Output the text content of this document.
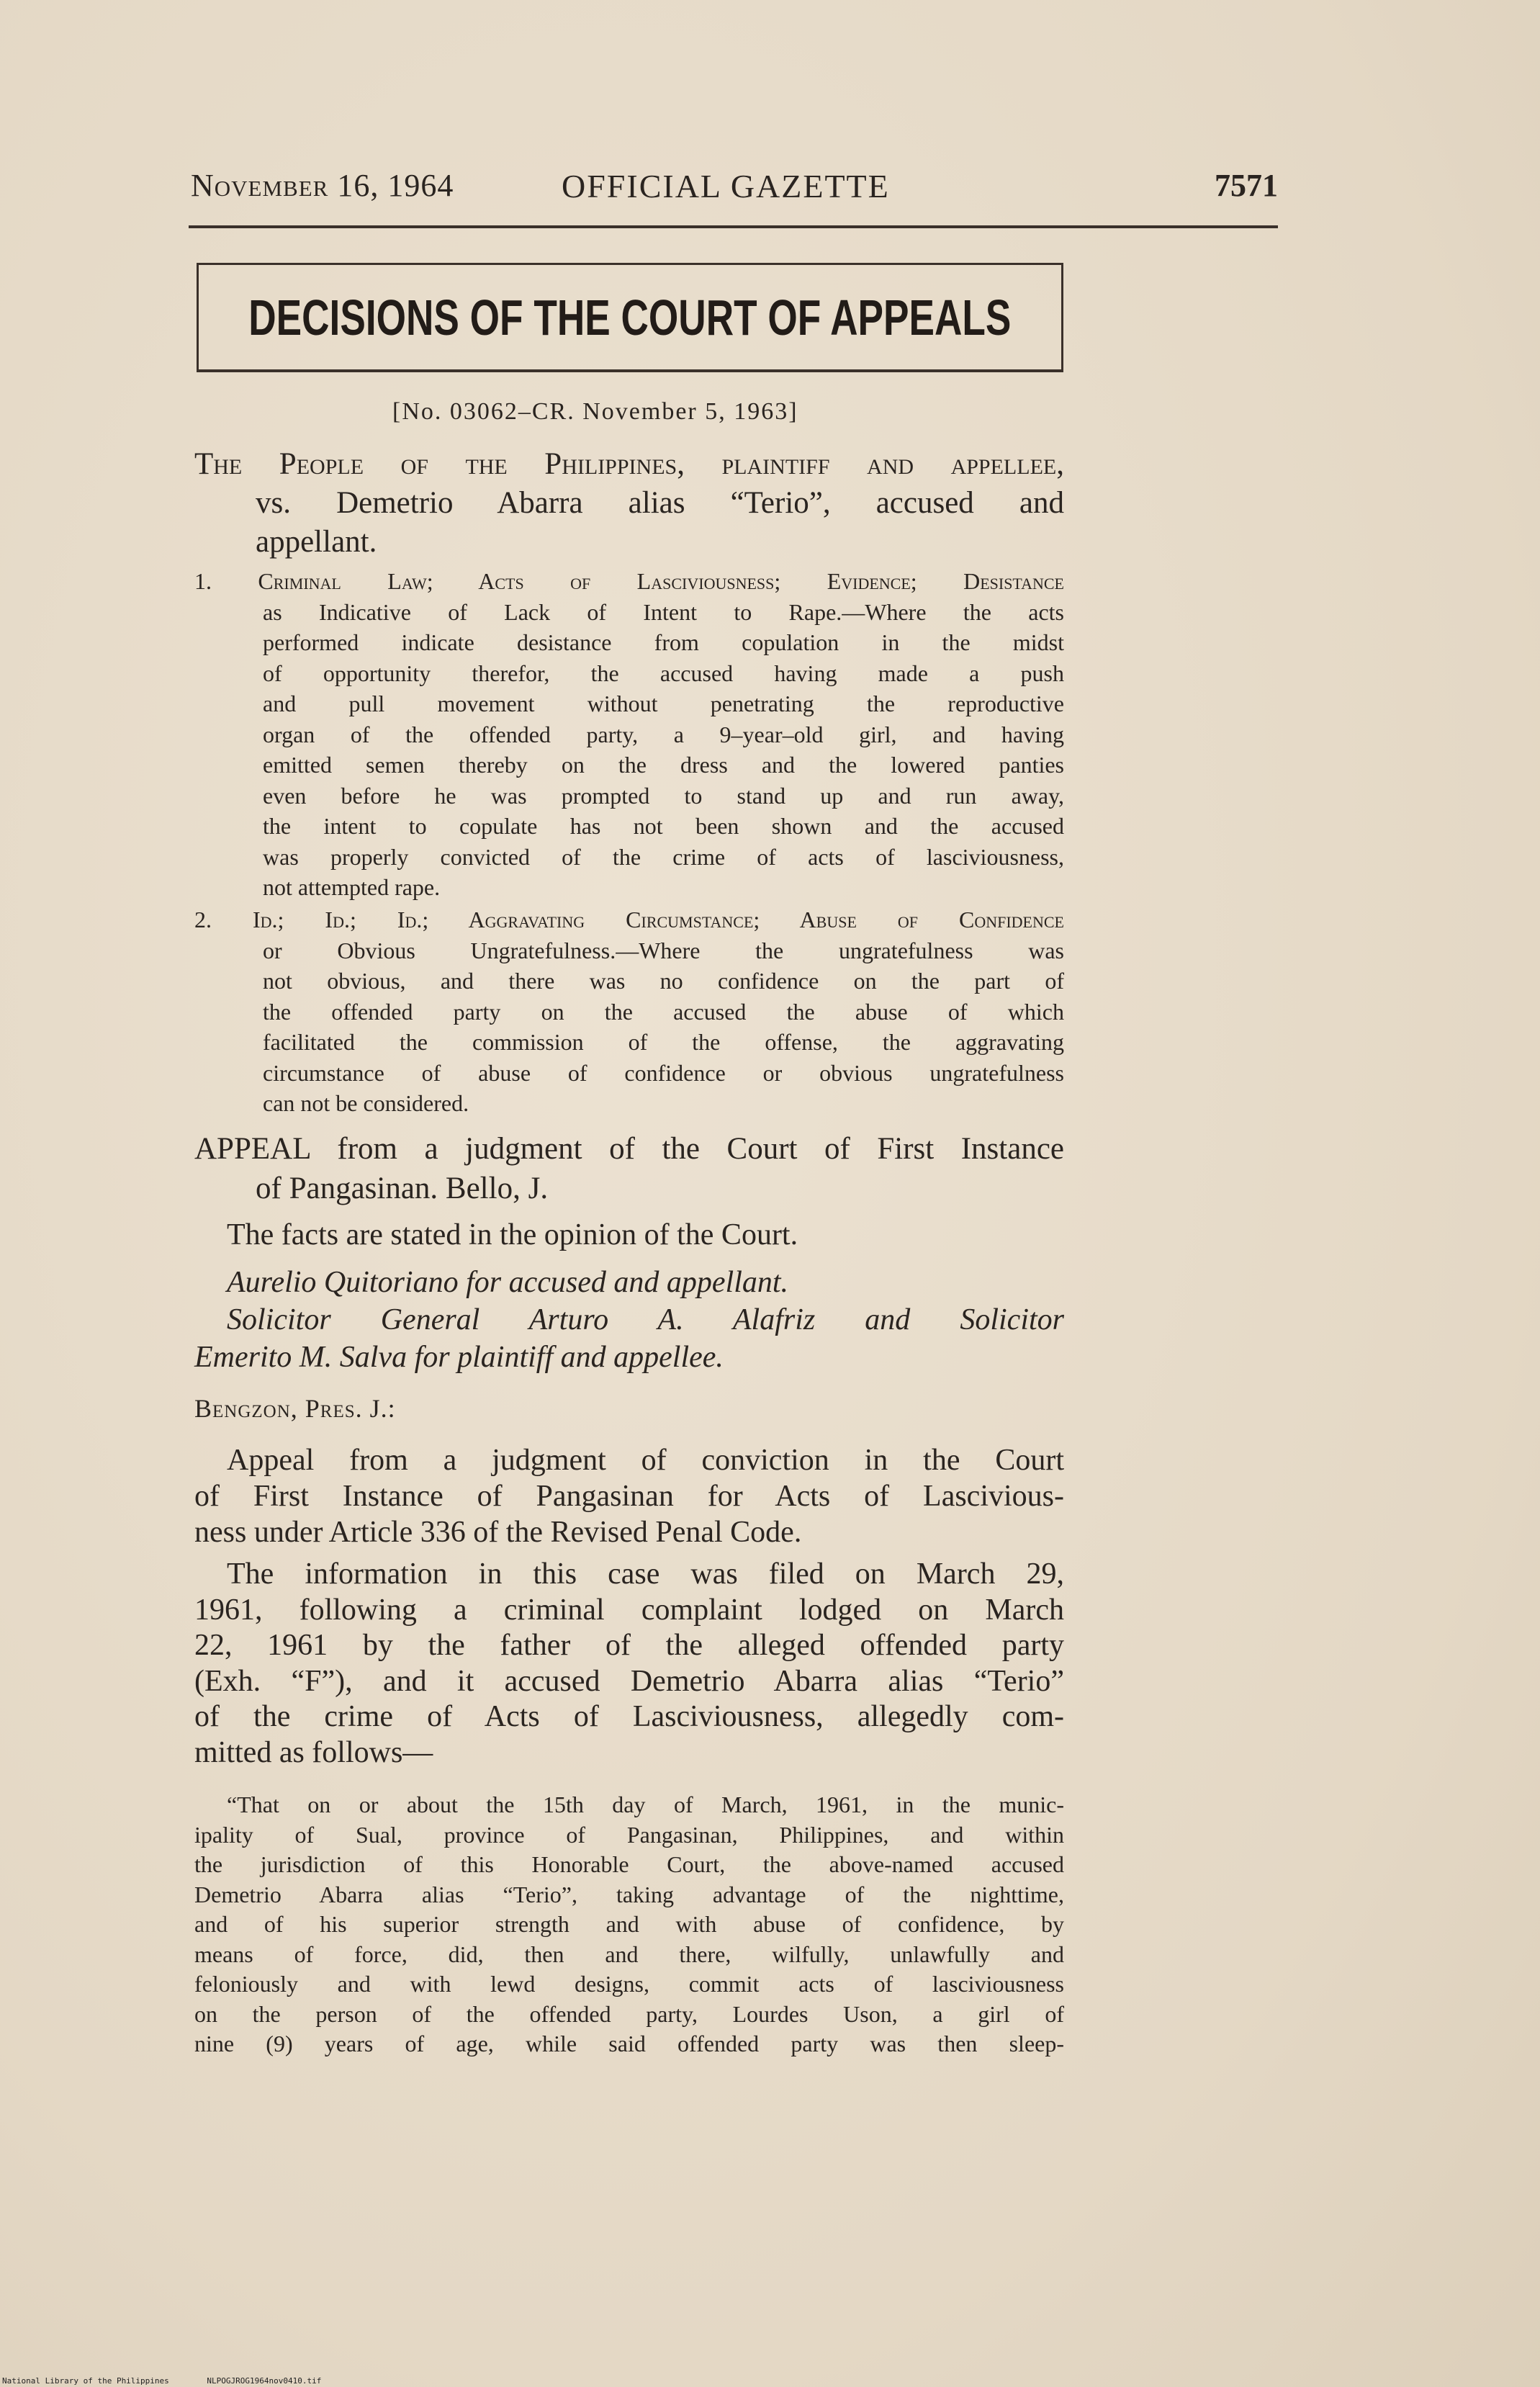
November 16, 1964	OFFICIAL GAZETTE	7571
DECISIONS OF THE COURT OF APPEALS
[No. 03062–CR. November 5, 1963]
The People of the Philippines, plaintiff and appellee,
vs. Demetrio Abarra alias “Terio”, accused and
appellant.
1. Criminal Law; Acts of Lasciviousness; Evidence; Desistance
as Indicative of Lack of Intent to Rape.—Where the acts
performed indicate desistance from copulation in the midst
of opportunity therefor, the accused having made a push
and pull movement without penetrating the reproductive
organ of the offended party, a 9–year–old girl, and having
emitted semen thereby on the dress and the lowered panties
even before he was prompted to stand up and run away,
the intent to copulate has not been shown and the accused
was properly convicted of the crime of acts of lasciviousness,
not attempted rape.
2. Id.; Id.; Id.; Aggravating Circumstance; Abuse of Confidence
or Obvious Ungratefulness.—Where the ungratefulness was
not obvious, and there was no confidence on the part of
the offended party on the accused the abuse of which
facilitated the commission of the offense, the aggravating
circumstance of abuse of confidence or obvious ungratefulness
can not be considered.
APPEAL from a judgment of the Court of First Instance
of Pangasinan. Bello, J.
The facts are stated in the opinion of the Court.
Aurelio Quitoriano for accused and appellant.
Solicitor General Arturo A. Alafriz and Solicitor
Emerito M. Salva for plaintiff and appellee.
Bengzon, Pres. J.:
Appeal from a judgment of conviction in the Court
of First Instance of Pangasinan for Acts of Lascivious-
ness under Article 336 of the Revised Penal Code.
The information in this case was filed on March 29,
1961, following a criminal complaint lodged on March
22, 1961 by the father of the alleged offended party
(Exh. “F”), and it accused Demetrio Abarra alias “Terio”
of the crime of Acts of Lasciviousness, allegedly com-
mitted as follows—
“That on or about the 15th day of March, 1961, in the munic-
ipality of Sual, province of Pangasinan, Philippines, and within
the jurisdiction of this Honorable Court, the above-named accused
Demetrio Abarra alias “Terio”, taking advantage of the nighttime,
and of his superior strength and with abuse of confidence, by
means of force, did, then and there, wilfully, unlawfully and
feloniously and with lewd designs, commit acts of lasciviousness
on the person of the offended party, Lourdes Uson, a girl of
nine (9) years of age, while said offended party was then sleep-
National Library of the Philippines	NLPOGJROG1964nov0410.tif
